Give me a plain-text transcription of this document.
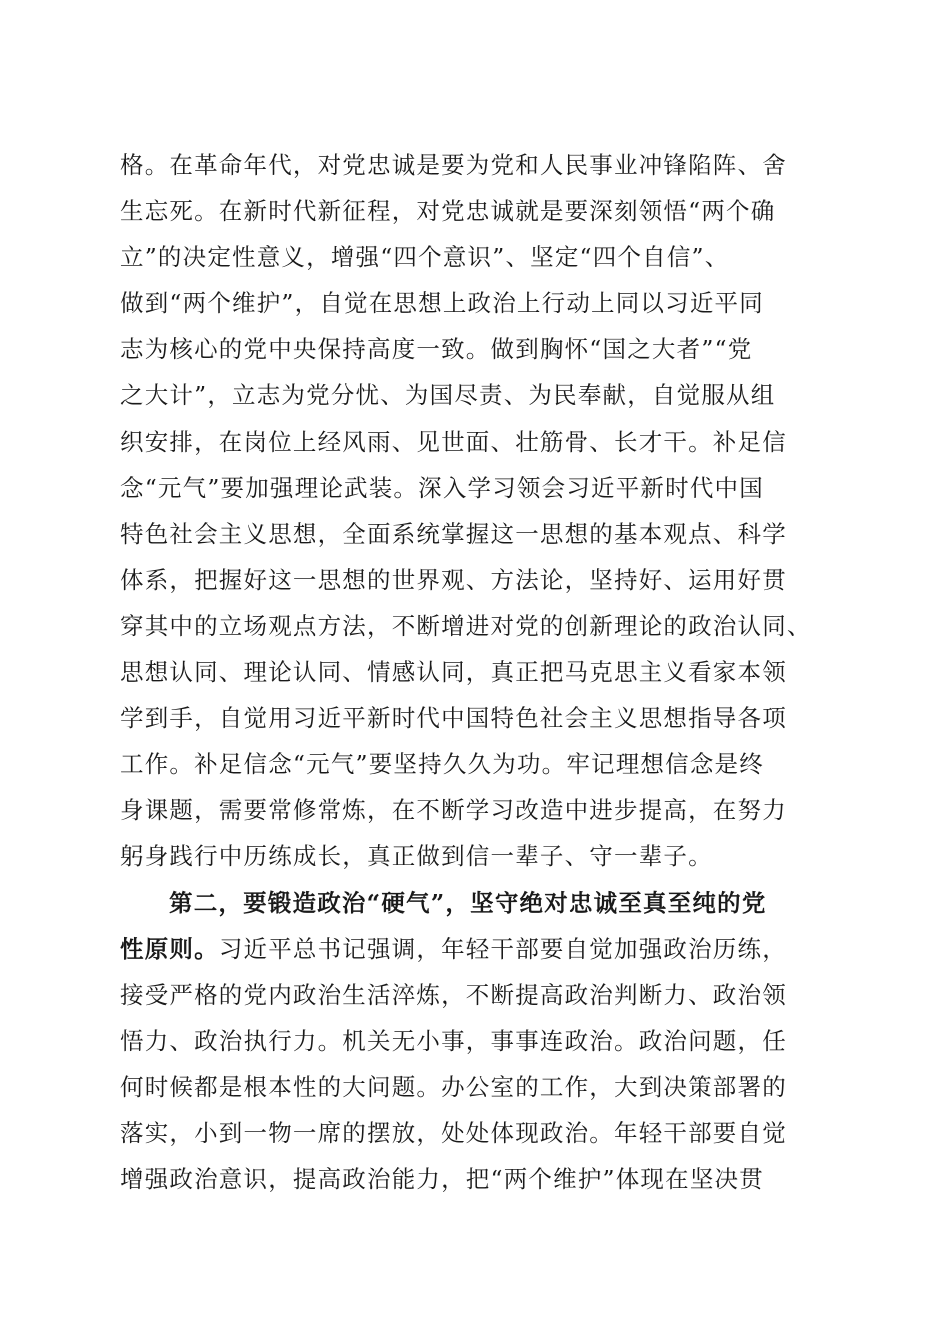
格。在革命年代，对党忠诚是要为党和人民事业冲锋陷阵、舍
生忘死。在新时代新征程，对党忠诚就是要深刻领悟“两个确
立”的决定性意义，增强“四个意识”、坚定“四个自信”、
做到“两个维护”，自觉在思想上政治上行动上同以习近平同
志为核心的党中央保持高度一致。做到胸怀“国之大者”“党
之大计”，立志为党分忧、为国尽责、为民奉献，自觉服从组
织安排，在岗位上经风雨、见世面、壮筋骨、长才干。补足信
念“元气”要加强理论武装。深入学习领会习近平新时代中国
特色社会主义思想，全面系统掌握这一思想的基本观点、科学
体系，把握好这一思想的世界观、方法论，坚持好、运用好贯
穿其中的立场观点方法，不断增进对党的创新理论的政治认同、
思想认同、理论认同、情感认同，真正把马克思主义看家本领
学到手，自觉用习近平新时代中国特色社会主义思想指导各项
工作。补足信念“元气”要坚持久久为功。牢记理想信念是终
身课题，需要常修常炼，在不断学习改造中进步提高，在努力
躬身践行中历练成长，真正做到信一辈子、守一辈子。
第二，要锻造政治“硬气”，坚守绝对忠诚至真至纯的党
性原则。习近平总书记强调，年轻干部要自觉加强政治历练，
接受严格的党内政治生活淬炼，不断提高政治判断力、政治领
悟力、政治执行力。机关无小事，事事连政治。政治问题，任
何时候都是根本性的大问题。办公室的工作，大到决策部署的
落实，小到一物一席的摆放，处处体现政治。年轻干部要自觉
增强政治意识，提高政治能力，把“两个维护”体现在坚决贯
